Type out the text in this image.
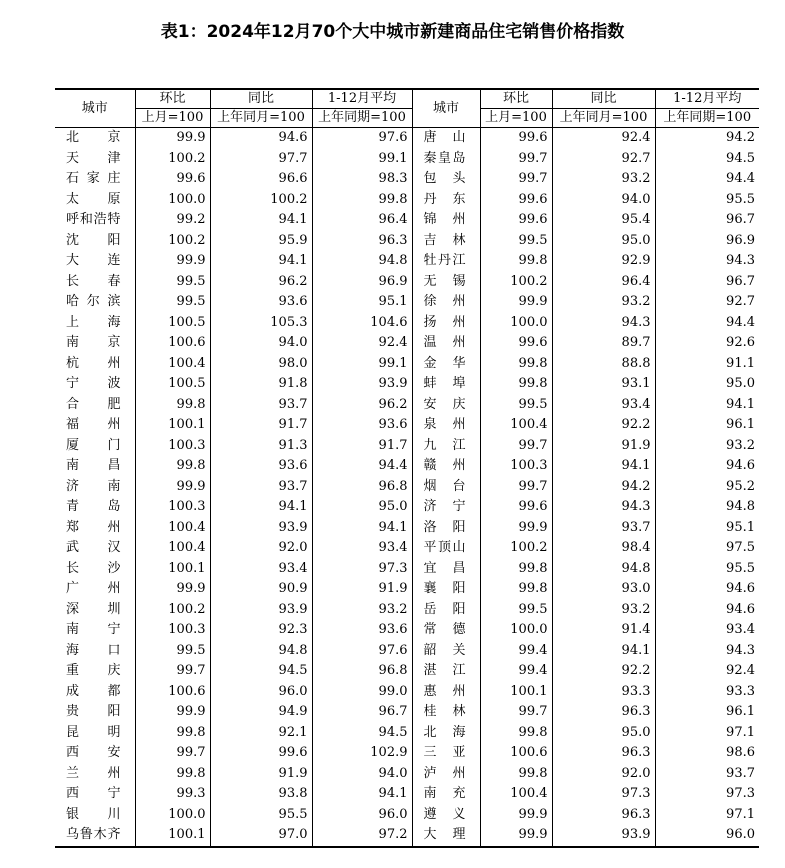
表1：2024年12月70个大中城市新建商品住宅销售价格指数
城市	环比	同比	1-12月平均	城市	环比	同比	1-12月平均
	上月=100	上年同月=100	上年同期=100		上月=100	上年同月=100	上年同期=100
北京	99.9	94.6	97.6	唐山	99.6	92.4	94.2
天津	100.2	97.7	99.1	秦皇岛	99.7	92.7	94.5
石家庄	99.6	96.6	98.3	包头	99.7	93.2	94.4
太原	100.0	100.2	99.8	丹东	99.6	94.0	95.5
呼和浩特	99.2	94.1	96.4	锦州	99.6	95.4	96.7
沈阳	100.2	95.9	96.3	吉林	99.5	95.0	96.9
大连	99.9	94.1	94.8	牡丹江	99.8	92.9	94.3
长春	99.5	96.2	96.9	无锡	100.2	96.4	96.7
哈尔滨	99.5	93.6	95.1	徐州	99.9	93.2	92.7
上海	100.5	105.3	104.6	扬州	100.0	94.3	94.4
南京	100.6	94.0	92.4	温州	99.6	89.7	92.6
杭州	100.4	98.0	99.1	金华	99.8	88.8	91.1
宁波	100.5	91.8	93.9	蚌埠	99.8	93.1	95.0
合肥	99.8	93.7	96.2	安庆	99.5	93.4	94.1
福州	100.1	91.7	93.6	泉州	100.4	92.2	96.1
厦门	100.3	91.3	91.7	九江	99.7	91.9	93.2
南昌	99.8	93.6	94.4	赣州	100.3	94.1	94.6
济南	99.9	93.7	96.8	烟台	99.7	94.2	95.2
青岛	100.3	94.1	95.0	济宁	99.6	94.3	94.8
郑州	100.4	93.9	94.1	洛阳	99.9	93.7	95.1
武汉	100.4	92.0	93.4	平顶山	100.2	98.4	97.5
长沙	100.1	93.4	97.3	宜昌	99.8	94.8	95.5
广州	99.9	90.9	91.9	襄阳	99.8	93.0	94.6
深圳	100.2	93.9	93.2	岳阳	99.5	93.2	94.6
南宁	100.3	92.3	93.6	常德	100.0	91.4	93.4
海口	99.5	94.8	97.6	韶关	99.4	94.1	94.3
重庆	99.7	94.5	96.8	湛江	99.4	92.2	92.4
成都	100.6	96.0	99.0	惠州	100.1	93.3	93.3
贵阳	99.9	94.9	96.7	桂林	99.7	96.3	96.1
昆明	99.8	92.1	94.5	北海	99.8	95.0	97.1
西安	99.7	99.6	102.9	三亚	100.6	96.3	98.6
兰州	99.8	91.9	94.0	泸州	99.8	92.0	93.7
西宁	99.3	93.8	94.1	南充	100.4	97.3	97.3
银川	100.0	95.5	96.0	遵义	99.9	96.3	97.1
乌鲁木齐	100.1	97.0	97.2	大理	99.9	93.9	96.0
